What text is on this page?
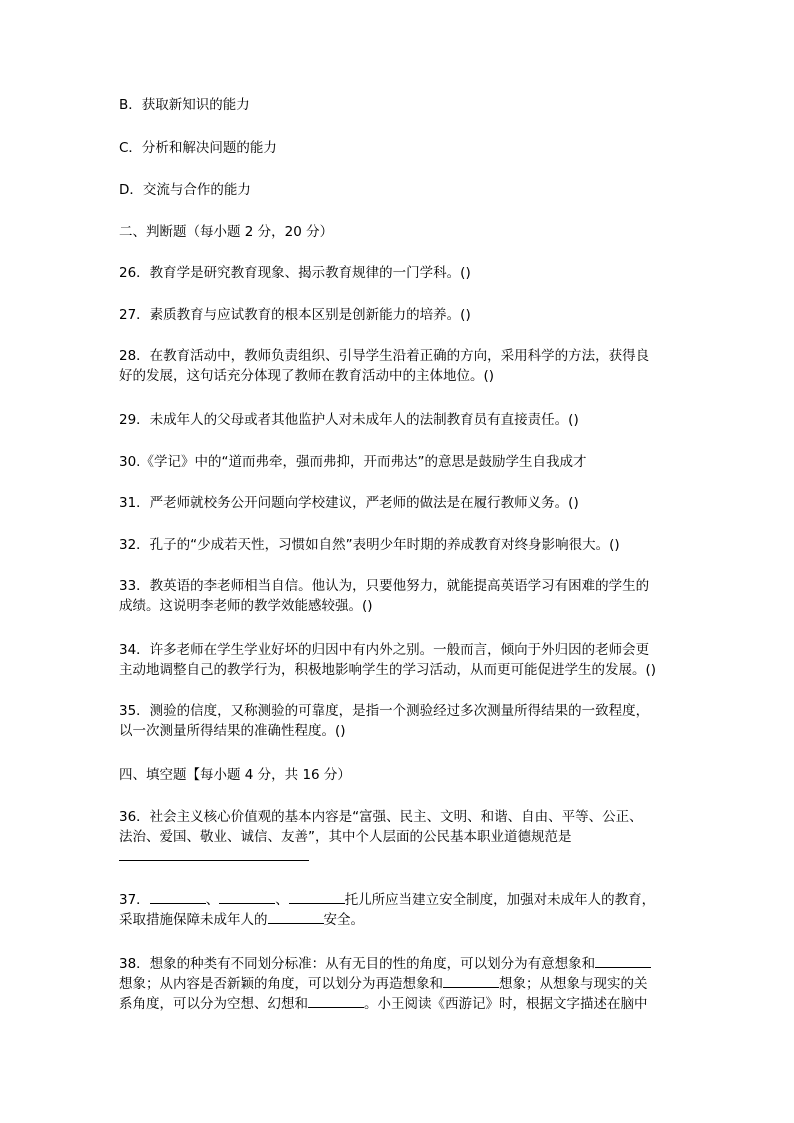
B．获取新知识的能力
C．分析和解决问题的能力
D．交流与合作的能力
二、判断题（每小题 2 分，20 分）
26．教育学是研究教育现象、揭示教育规律的一门学科。()
27．素质教育与应试教育的根本区别是创新能力的培养。()
28．在教育活动中，教师负责组织、引导学生沿着正确的方向，采用科学的方法，获得良
好的发展，这句话充分体现了教师在教育活动中的主体地位。()
29．未成年人的父母或者其他监护人对未成年人的法制教育员有直接责任。()
30.《学记》中的“道而弗牵，强而弗抑，开而弗达”的意思是鼓励学生自我成才
31．严老师就校务公开问题向学校建议，严老师的做法是在履行教师义务。()
32．孔子的“少成若天性，习惯如自然”表明少年时期的养成教育对终身影响很大。()
33．教英语的李老师相当自信。他认为，只要他努力，就能提高英语学习有困难的学生的
成绩。这说明李老师的教学效能感较强。()
34．许多老师在学生学业好坏的归因中有内外之别。一般而言，倾向于外归因的老师会更
主动地调整自己的教学行为，积极地影响学生的学习活动，从而更可能促进学生的发展。()
35．测验的信度，又称测验的可靠度，是指一个测验经过多次测量所得结果的一致程度，
以一次测量所得结果的准确性程度。()
四、填空题【每小题 4 分，共 16 分）
36．社会主义核心价值观的基本内容是“富强、民主、文明、和谐、自由、平等、公正、
法治、爱国、敬业、诚信、友善”，其中个人层面的公民基本职业道德规范是
37．	、	、	托儿所应当建立安全制度，加强对未成年人的教育，
采取措施保障未成年人的	安全。
38．想象的种类有不同划分标准：从有无目的性的角度，可以划分为有意想象和
想象；从内容是否新颖的角度，可以划分为再造想象和	想象；从想象与现实的关
系角度，可以分为空想、幻想和	。小王阅读《西游记》时，根据文字描述在脑中
